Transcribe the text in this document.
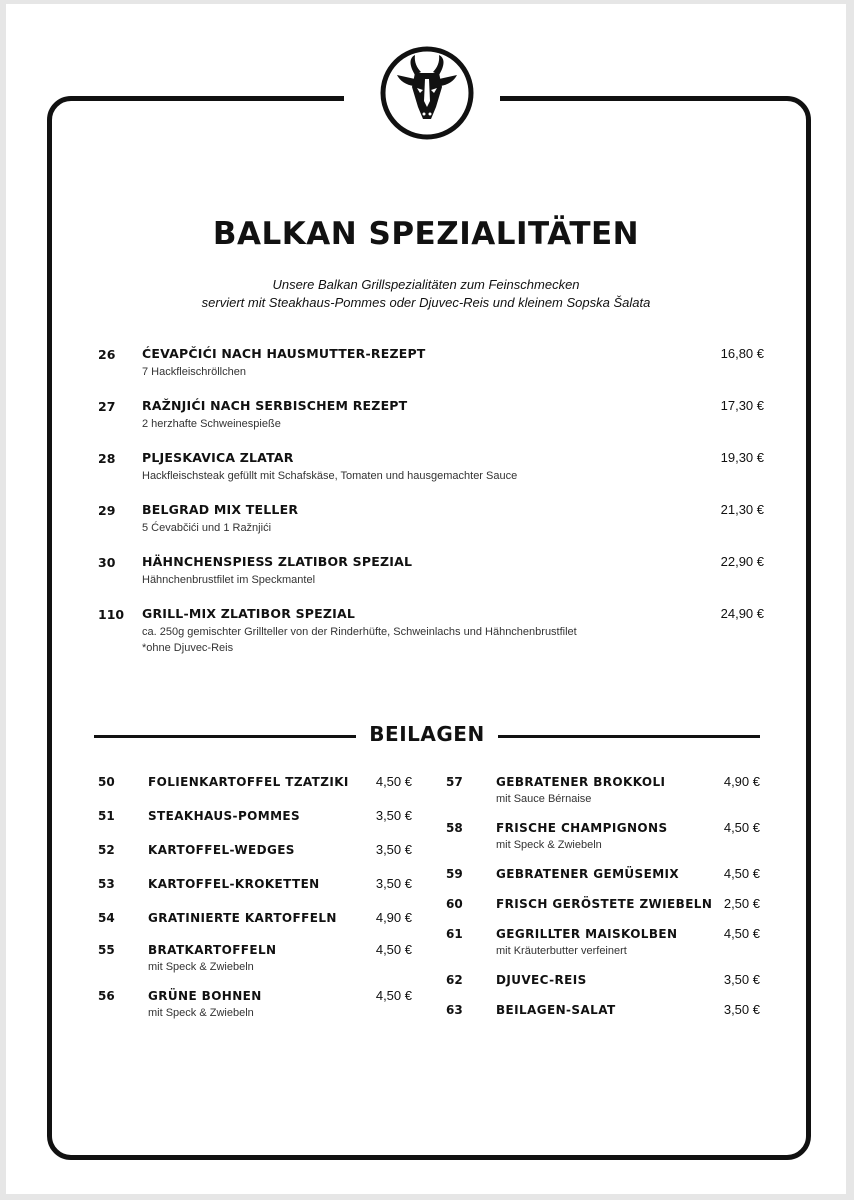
BALKAN SPEZIALITÄTEN
Unsere Balkan Grillspezialitäten zum Feinschmecken
serviert mit Steakhaus-Pommes oder Djuvec-Reis und kleinem Sopska Šalata
26 ĆEVAPČIĆI NACH HAUSMUTTER-REZEPT
7 Hackfleischröllchen
16,80 €
27 RAŽNJIĆI NACH SERBISCHEM REZEPT
2 herzhafte Schweinespieße
17,30 €
28 PLJESKAVICA ZLATAR
Hackfleischsteak gefüllt mit Schafskäse, Tomaten und hausgemachter Sauce
19,30 €
29 BELGRAD MIX TELLER
5 Ćevabčići und 1 Ražnjići
21,30 €
30 HÄHNCHENSPIESS ZLATIBOR SPEZIAL
Hähnchenbrustfilet im Speckmantel
22,90 €
110 GRILL-MIX ZLATIBOR SPEZIAL
ca. 250g gemischter Grillteller von der Rinderhüfte, Schweinlachs und Hähnchenbrustfilet
*ohne Djuvec-Reis
24,90 €
BEILAGEN
50	FOLIENKARTOFFEL TZATZIKI	4,50 €
51	STEAKHAUS-POMMES	3,50 €
52	KARTOFFEL-WEDGES	3,50 €
53	KARTOFFEL-KROKETTEN	3,50 €
54	GRATINIERTE KARTOFFELN	4,90 €
55	BRATKARTOFFELN
mit Speck & Zwiebeln
4,50 €
56	GRÜNE BOHNEN
mit Speck & Zwiebeln
4,50 €
57	GEBRATENER BROKKOLI
mit Sauce Bérnaise
4,90 €
58	FRISCHE CHAMPIGNONS
mit Speck & Zwiebeln
4,50 €
59	GEBRATENER GEMÜSEMIX	4,50 €
60	FRISCH GERÖSTETE ZWIEBELN 2,50 €
61	GEGRILLTER MAISKOLBEN
mit Kräuterbutter verfeinert
4,50 €
62	DJUVEC-REIS	3,50 €
63	BEILAGEN-SALAT	3,50 €
